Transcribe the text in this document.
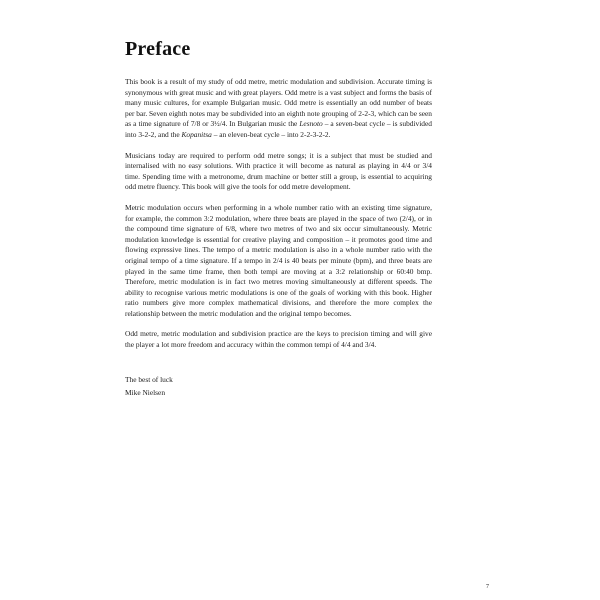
Preface

This book is a result of my study of odd metre, metric modulation and subdivision. Accurate timing is synonymous with great music and with great players. Odd metre is a vast subject and forms the basis of many music cultures, for example Bulgarian music. Odd metre is essentially an odd number of beats per bar. Seven eighth notes may be subdivided into an eighth note grouping of 2-2-3, which can be seen as a time signature of 7/8 or 3½/4. In Bulgarian music the Lesnoto – a seven-beat cycle – is subdivided into 3-2-2, and the Kopanitsa – an eleven-beat cycle – into 2-2-3-2-2.

Musicians today are required to perform odd metre songs; it is a subject that must be studied and internalised with no easy solutions. With practice it will become as natural as playing in 4/4 or 3/4 time. Spending time with a metronome, drum machine or better still a group, is essential to acquiring odd metre fluency. This book will give the tools for odd metre development.

Metric modulation occurs when performing in a whole number ratio with an existing time signature, for example, the common 3:2 modulation, where three beats are played in the space of two (2/4), or in the compound time signature of 6/8, where two metres of two and six occur simultaneously. Metric modulation knowledge is essential for creative playing and composition – it promotes good time and flowing expressive lines. The tempo of a metric modulation is also in a whole number ratio with the original tempo of a time signature. If a tempo in 2/4 is 40 beats per minute (bpm), and three beats are played in the same time frame, then both tempi are moving at a 3:2 relationship or 60:40 bmp. Therefore, metric modulation is in fact two metres moving simultaneously at different speeds. The ability to recognise various metric modulations is one of the goals of working with this book. Higher ratio numbers give more complex mathematical divisions, and therefore the more complex the relationship between the metric modulation and the original tempo becomes.

Odd metre, metric modulation and subdivision practice are the keys to precision timing and will give the player a lot more freedom and accuracy within the common tempi of 4/4 and 3/4.

The best of luck

Mike Nielsen

7
